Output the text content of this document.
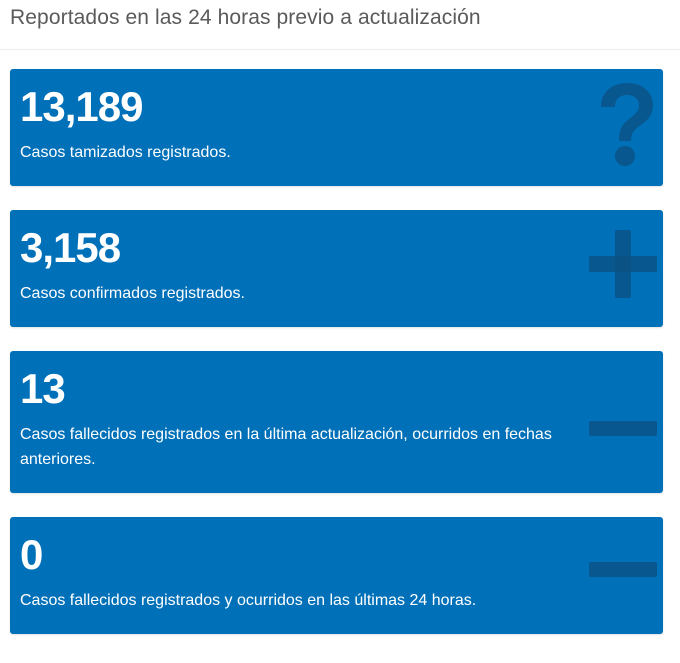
Reportados en las 24 horas previo a actualización
13,189
Casos tamizados registrados.
3,158
Casos confirmados registrados.
13
Casos fallecidos registrados en la última actualización, ocurridos en fechas anteriores.
0
Casos fallecidos registrados y ocurridos en las últimas 24 horas.
